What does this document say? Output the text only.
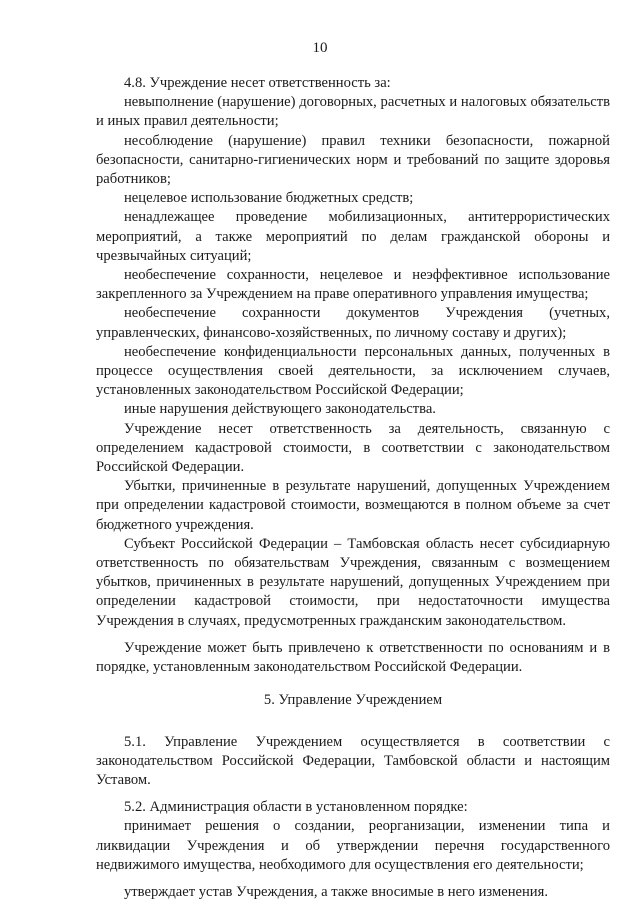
10

4.8. Учреждение несет ответственность за:

невыполнение (нарушение) договорных, расчетных и налоговых обязательств и иных правил деятельности;

несоблюдение (нарушение) правил техники безопасности, пожарной безопасности, санитарно-гигиенических норм и требований по защите здоровья работников;

нецелевое использование бюджетных средств;

ненадлежащее проведение мобилизационных, антитеррористических мероприятий, а также мероприятий по делам гражданской обороны и чрезвычайных ситуаций;

необеспечение сохранности, нецелевое и неэффективное использование закрепленного за Учреждением на праве оперативного управления имущества;

необеспечение сохранности документов Учреждения (учетных, управленческих, финансово-хозяйственных, по личному составу и других);

необеспечение конфиденциальности персональных данных, полученных в процессе осуществления своей деятельности, за исключением случаев, установленных законодательством Российской Федерации;

иные нарушения действующего законодательства.

Учреждение несет ответственность за деятельность, связанную с определением кадастровой стоимости, в соответствии с законодательством Российской Федерации.

Убытки, причиненные в результате нарушений, допущенных Учреждением при определении кадастровой стоимости, возмещаются в полном объеме за счет бюджетного учреждения.

Субъект Российской Федерации – Тамбовская область несет субсидиарную ответственность по обязательствам Учреждения, связанным с возмещением убытков, причиненных в результате нарушений, допущенных Учреждением при определении кадастровой стоимости, при недостаточности имущества Учреждения в случаях, предусмотренных гражданским законодательством.

Учреждение может быть привлечено к ответственности по основаниям и в порядке, установленным законодательством Российской Федерации.

5. Управление Учреждением

5.1. Управление Учреждением осуществляется в соответствии с законодательством Российской Федерации, Тамбовской области и настоящим Уставом.

5.2. Администрация области в установленном порядке:

принимает решения о создании, реорганизации, изменении типа и ликвидации Учреждения и об утверждении перечня государственного недвижимого имущества, необходимого для осуществления его деятельности;

утверждает устав Учреждения, а также вносимые в него изменения.
